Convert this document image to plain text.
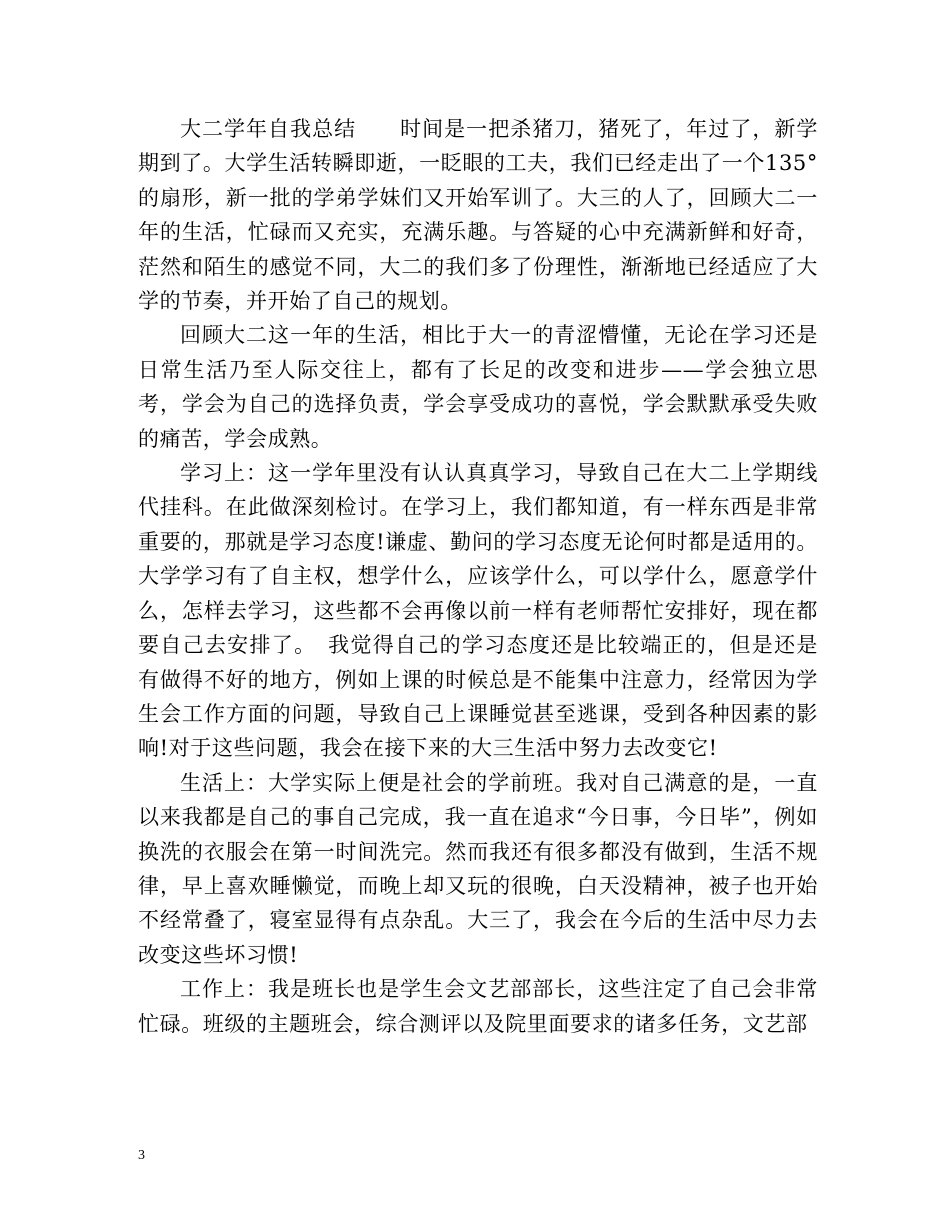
大二学年自我总结　　时间是一把杀猪刀，猪死了，年过了，新学期到了。大学生活转瞬即逝，一眨眼的工夫，我们已经走出了一个135° 的扇形，新一批的学弟学妹们又开始军训了。大三的人了，回顾大二一年的生活，忙碌而又充实，充满乐趣。与答疑的心中充满新鲜和好奇，茫然和陌生的感觉不同，大二的我们多了份理性，渐渐地已经适应了大学的节奏，并开始了自己的规划。

回顾大二这一年的生活，相比于大一的青涩懵懂，无论在学习还是日常生活乃至人际交往上，都有了长足的改变和进步——学会独立思考，学会为自己的选择负责，学会享受成功的喜悦，学会默默承受失败的痛苦，学会成熟。

学习上：这一学年里没有认认真真学习，导致自己在大二上学期线代挂科。在此做深刻检讨。在学习上，我们都知道，有一样东西是非常重要的，那就是学习态度!谦虚、勤问的学习态度无论何时都是适用的。大学学习有了自主权，想学什么，应该学什么，可以学什么，愿意学什么，怎样去学习，这些都不会再像以前一样有老师帮忙安排好，现在都要自己去安排了。　我觉得自己的学习态度还是比较端正的，但是还是有做得不好的地方，例如上课的时候总是不能集中注意力，经常因为学生会工作方面的问题，导致自己上课睡觉甚至逃课，受到各种因素的影响!对于这些问题，我会在接下来的大三生活中努力去改变它!

生活上：大学实际上便是社会的学前班。我对自己满意的是，一直以来我都是自己的事自己完成，我一直在追求“今日事，今日毕”，例如换洗的衣服会在第一时间洗完。然而我还有很多都没有做到，生活不规律，早上喜欢睡懒觉，而晚上却又玩的很晚，白天没精神，被子也开始不经常叠了，寝室显得有点杂乱。大三了，我会在今后的生活中尽力去改变这些坏习惯!

工作上：我是班长也是学生会文艺部部长，这些注定了自己会非常忙碌。班级的主题班会，综合测评以及院里面要求的诸多任务，文艺部

3
